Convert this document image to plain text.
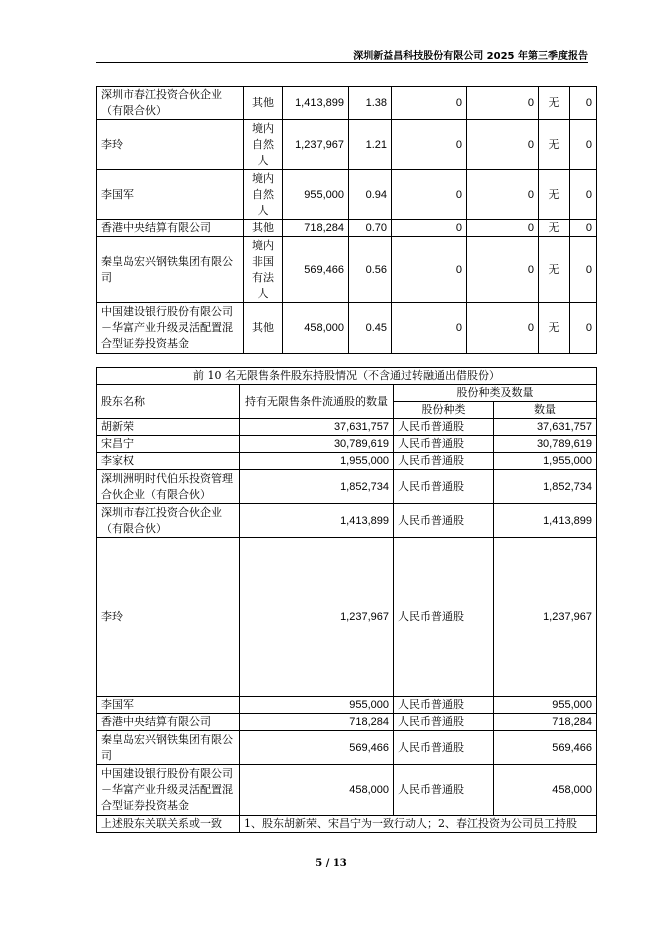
深圳新益昌科技股份有限公司 2025 年第三季度报告
深圳市春江投资合伙企业（有限合伙）	其他	1,413,899	1.38	0	0	无	0
李玲	境内自然人	1,237,967	1.21	0	0	无	0
李国军	境内自然人	955,000	0.94	0	0	无	0
香港中央结算有限公司	其他	718,284	0.70	0	0	无	0
秦皇岛宏兴钢铁集团有限公司	境内非国有法人	569,466	0.56	0	0	无	0
中国建设银行股份有限公司－华富产业升级灵活配置混合型证券投资基金	其他	458,000	0.45	0	0	无	0
前 10 名无限售条件股东持股情况（不含通过转融通出借股份）			
股东名称	持有无限售条件流通股的数量	股份种类及数量	
		股份种类	数量
胡新荣	37,631,757	人民币普通股	37,631,757
宋昌宁	30,789,619	人民币普通股	30,789,619
李家权	1,955,000	人民币普通股	1,955,000
深圳洲明时代伯乐投资管理合伙企业（有限合伙）	1,852,734	人民币普通股	1,852,734
深圳市春江投资合伙企业（有限合伙）	1,413,899	人民币普通股	1,413,899
李玲	1,237,967	人民币普通股	1,237,967
李国军	955,000	人民币普通股	955,000
香港中央结算有限公司	718,284	人民币普通股	718,284
秦皇岛宏兴钢铁集团有限公司	569,466	人民币普通股	569,466
中国建设银行股份有限公司－华富产业升级灵活配置混合型证券投资基金	458,000	人民币普通股	458,000
上述股东关联关系或一致	1、股东胡新荣、宋昌宁为一致行动人；2、春江投资为公司员工持股		
5 / 13
